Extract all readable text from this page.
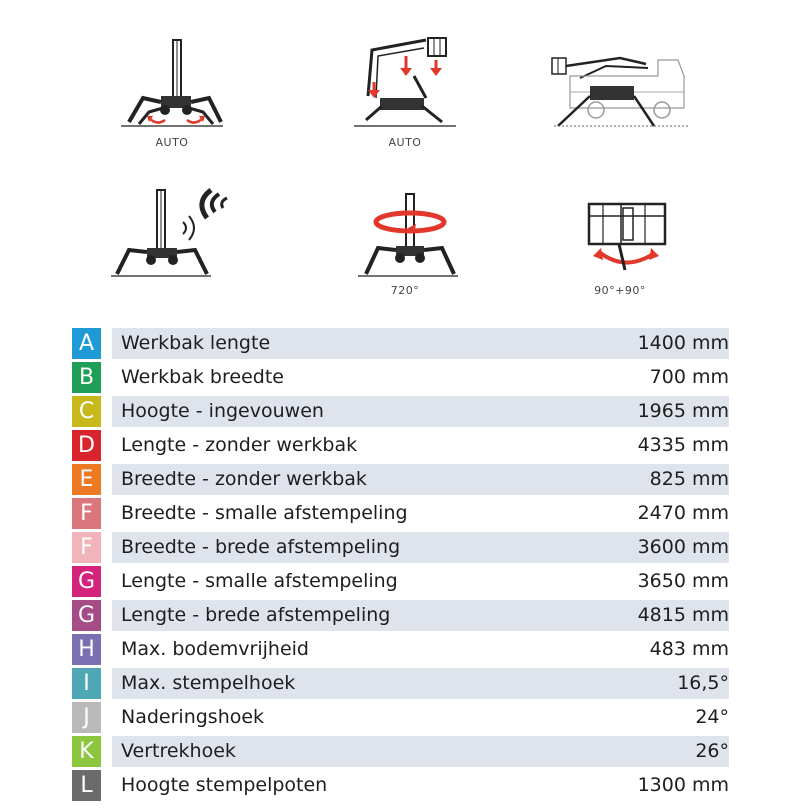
AUTO	AUTO
720°	90°+90°
A	Werkbak lengte	1400 mm
B	Werkbak breedte	700 mm
C	Hoogte - ingevouwen	1965 mm
D	Lengte - zonder werkbak	4335 mm
E	Breedte - zonder werkbak	825 mm
F	Breedte - smalle afstempeling	2470 mm
F	Breedte - brede afstempeling	3600 mm
G	Lengte - smalle afstempeling	3650 mm
G	Lengte - brede afstempeling	4815 mm
H	Max. bodemvrijheid	483 mm
I	Max. stempelhoek	16,5°
J	Naderingshoek	24°
K	Vertrekhoek	26°
L	Hoogte stempelpoten	1300 mm
